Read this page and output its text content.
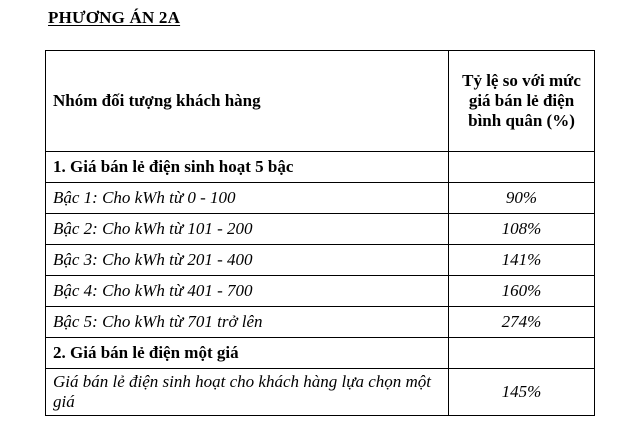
PHƯƠNG ÁN 2A
Nhóm đối tượng khách hàng	Tỷ lệ so với mức giá bán lẻ điện bình quân (%)
1. Giá bán lẻ điện sinh hoạt 5 bậc	
Bậc 1: Cho kWh từ 0 - 100	90%
Bậc 2: Cho kWh từ 101 - 200	108%
Bậc 3: Cho kWh từ 201 - 400	141%
Bậc 4: Cho kWh từ 401 - 700	160%
Bậc 5: Cho kWh từ 701 trở lên	274%
2. Giá bán lẻ điện một giá	
Giá bán lẻ điện sinh hoạt cho khách hàng lựa chọn một giá	145%
